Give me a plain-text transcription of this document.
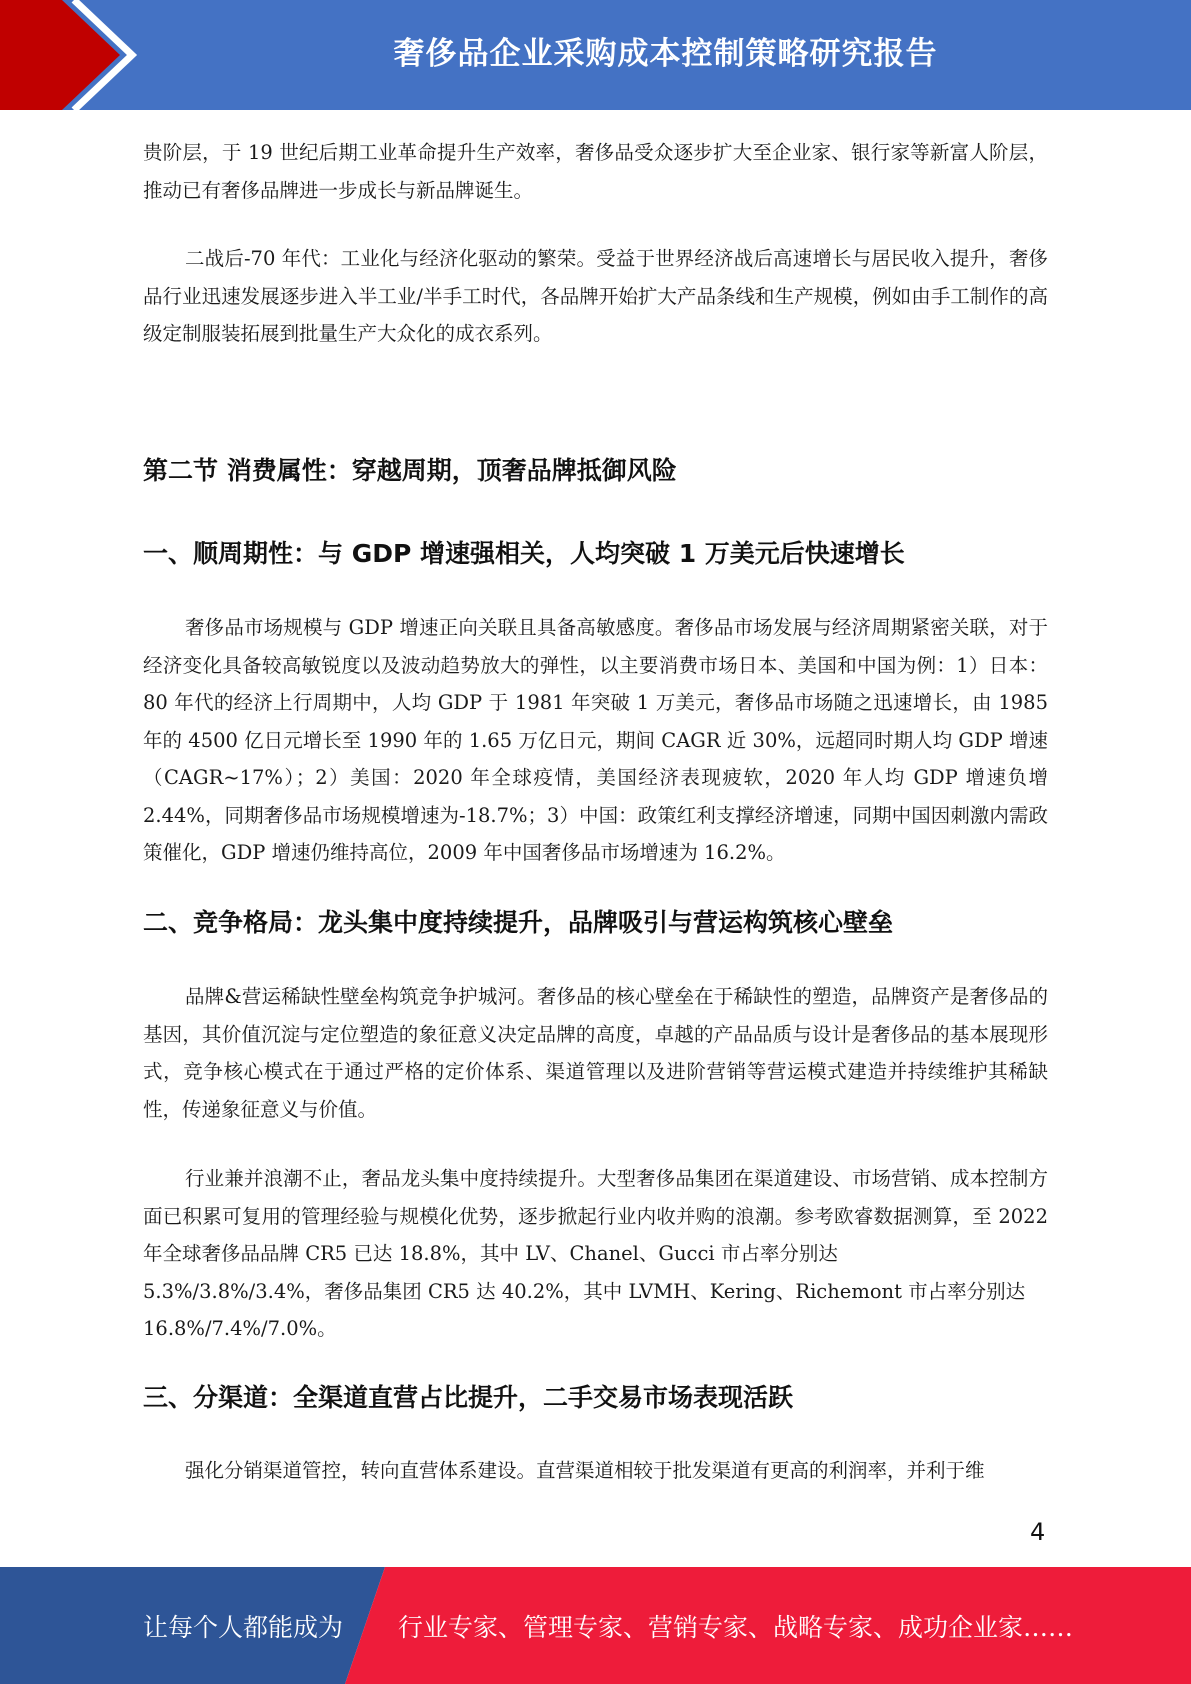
奢侈品企业采购成本控制策略研究报告

贵阶层，于 19 世纪后期工业革命提升生产效率，奢侈品受众逐步扩大至企业家、银行家等新富人阶层，推动已有奢侈品牌进一步成长与新品牌诞生。

二战后-70 年代：工业化与经济化驱动的繁荣。受益于世界经济战后高速增长与居民收入提升，奢侈品行业迅速发展逐步进入半工业/半手工时代，各品牌开始扩大产品条线和生产规模，例如由手工制作的高级定制服装拓展到批量生产大众化的成衣系列。

第二节 消费属性：穿越周期，顶奢品牌抵御风险
一、顺周期性：与 GDP 增速强相关，人均突破 1 万美元后快速增长

奢侈品市场规模与 GDP 增速正向关联且具备高敏感度。奢侈品市场发展与经济周期紧密关联，对于经济变化具备较高敏锐度以及波动趋势放大的弹性，以主要消费市场日本、美国和中国为例：1）日本：80 年代的经济上行周期中，人均 GDP 于 1981 年突破 1 万美元，奢侈品市场随之迅速增长，由 1985 年的 4500 亿日元增长至 1990 年的 1.65 万亿日元，期间 CAGR 近 30%，远超同时期人均 GDP 增速（CAGR~17%）；2）美国：2020 年全球疫情，美国经济表现疲软，2020 年人均 GDP 增速负增 2.44%，同期奢侈品市场规模增速为-18.7%；3）中国：政策红利支撑经济增速，同期中国因刺激内需政策催化，GDP 增速仍维持高位，2009 年中国奢侈品市场增速为 16.2%。

二、竞争格局：龙头集中度持续提升，品牌吸引与营运构筑核心壁垒

品牌&营运稀缺性壁垒构筑竞争护城河。奢侈品的核心壁垒在于稀缺性的塑造，品牌资产是奢侈品的基因，其价值沉淀与定位塑造的象征意义决定品牌的高度，卓越的产品品质与设计是奢侈品的基本展现形式，竞争核心模式在于通过严格的定价体系、渠道管理以及进阶营销等营运模式建造并持续维护其稀缺性，传递象征意义与价值。

行业兼并浪潮不止，奢品龙头集中度持续提升。大型奢侈品集团在渠道建设、市场营销、成本控制方面已积累可复用的管理经验与规模化优势，逐步掀起行业内收并购的浪潮。参考欧睿数据测算，至 2022 年全球奢侈品品牌 CR5 已达 18.8%，其中 LV、Chanel、Gucci 市占率分别达
5.3%/3.8%/3.4%，奢侈品集团 CR5 达 40.2%，其中 LVMH、Kering、Richemont 市占率分别达
16.8%/7.4%/7.0%。
三、分渠道：全渠道直营占比提升，二手交易市场表现活跃

强化分销渠道管控，转向直营体系建设。直营渠道相较于批发渠道有更高的利润率，并利于维

4
让每个人都能成为 行业专家、管理专家、营销专家、战略专家、成功企业家……
